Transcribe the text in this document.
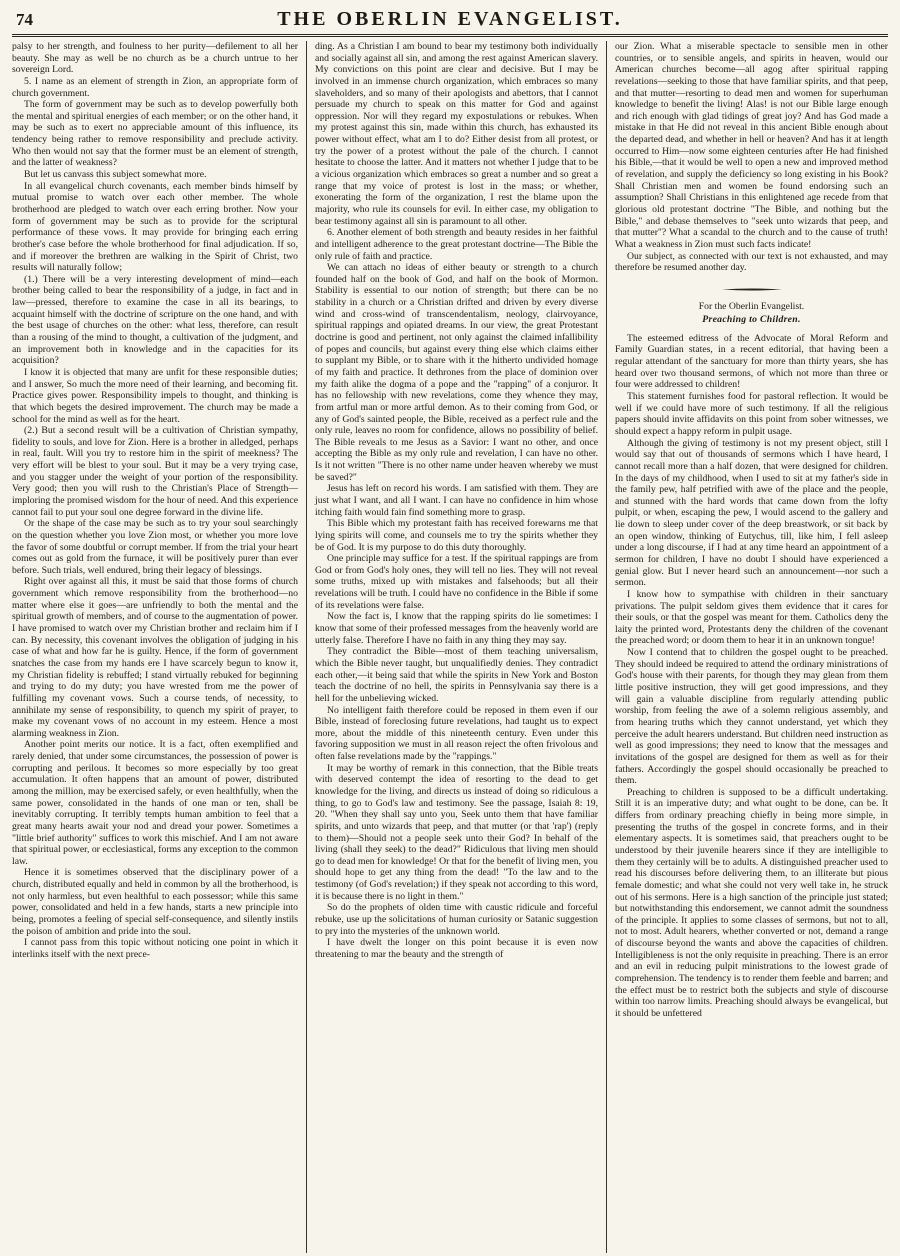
74	THE OBERLIN EVANGELIST.

palsy to her strength, and foulness to her purity—defilement to all her beauty. She may as well be no church as be a church untrue to her sovereign Lord.

5. I name as an element of strength in Zion, an appropriate form of church government.

The form of government may be such as to develop powerfully both the mental and spiritual energies of each member; or on the other hand, it may be such as to exert no appreciable amount of this influence, its tendency being rather to remove responsibility and preclude activity. Who then would not say that the former must be an element of strength, and the latter of weakness?

But let us canvass this subject somewhat more.

In all evangelical church covenants, each member binds himself by mutual promise to watch over each other member. The whole brotherhood are pledged to watch over each erring brother. Now your form of government may be such as to provide for the scriptural performance of these vows. It may provide for bringing each erring brother's case before the whole brotherhood for final adjudication. If so, and if moreover the brethren are walking in the Spirit of Christ, two results will naturally follow;

(1.) There will be a very interesting development of mind—each brother being called to bear the responsibility of a judge, in fact and in law—pressed, therefore to examine the case in all its bearings, to acquaint himself with the doctrine of scripture on the one hand, and with the best usage of churches on the other: what less, therefore, can result than a rousing of the mind to thought, a cultivation of the judgment, and an improvement both in knowledge and in the capacities for its acquisition?

I know it is objected that many are unfit for these responsible duties; and I answer, So much the more need of their learning, and becoming fit. Practice gives power. Responsibility impels to thought, and thinking is that which begets the desired improvement. The church may be made a school for the mind as well as for the heart.

(2.) But a second result will be a cultivation of Christian sympathy, fidelity to souls, and love for Zion. Here is a brother in alledged, perhaps in real, fault. Will you try to restore him in the spirit of meekness? The very effort will be blest to your soul. But it may be a very trying case, and you stagger under the weight of your portion of the responsibility. Very good; then you will rush to the Christian's Place of Strength—imploring the promised wisdom for the hour of need. And this experience cannot fail to put your soul one degree forward in the divine life.

Or the shape of the case may be such as to try your soul searchingly on the question whether you love Zion most, or whether you more love the favor of some doubtful or corrupt member. If from the trial your heart comes out as gold from the furnace, it will be positively purer than ever before. Such trials, well endured, bring their legacy of blessings.

Right over against all this, it must be said that those forms of church government which remove responsibility from the brotherhood—no matter where else it goes—are unfriendly to both the mental and the spiritual growth of members, and of course to the augmentation of power. I have promised to watch over my Christian brother and reclaim him if I can. By necessity, this covenant involves the obligation of judging in his case of what and how far he is guilty. Hence, if the form of government snatches the case from my hands ere I have scarcely begun to know it, my Christian fidelity is rebuffed; I stand virtually rebuked for beginning and trying to do my duty; you have wrested from me the power of fulfilling my covenant vows. Such a course tends, of necessity, to annihilate my sense of responsibility, to quench my spirit of prayer, to make my covenant vows of no account in my esteem. Hence a most alarming weakness in Zion.

Another point merits our notice. It is a fact, often exemplified and rarely denied, that under some circumstances, the possession of power is corrupting and perilous. It becomes so more especially by too great accumulation. It often happens that an amount of power, distributed among the million, may be exercised safely, or even healthfully, when the same power, consolidated in the hands of one man or ten, shall be inevitably corrupting. It terribly tempts human ambition to feel that a great many hearts await your nod and dread your power. Sometimes a "little brief authority" suffices to work this mischief. And I am not aware that spiritual power, or ecclesiastical, forms any exception to the common law.

Hence it is sometimes observed that the disciplinary power of a church, distributed equally and held in common by all the brotherhood, is not only harmless, but even healthful to each possessor; while this same power, consolidated and held in a few hands, starts a new principle into being, promotes a feeling of special self-consequence, and silently instils the poison of ambition and pride into the soul.

I cannot pass from this topic without noticing one point in which it interlinks itself with the next prece-

ding. As a Christian I am bound to bear my testimony both individually and socially against all sin, and among the rest against American slavery. My convictions on this point are clear and decisive. But I may be involved in an immense church organization, which embraces so many slaveholders, and so many of their apologists and abettors, that I cannot persuade my church to speak on this matter for God and against oppression. Nor will they regard my expostulations or rebukes. When my protest against this sin, made within this church, has exhausted its power without effect, what am I to do? Either desist from all protest, or try the power of a protest without the pale of the church. I cannot hesitate to choose the latter. And it matters not whether I judge that to be a vicious organization which embraces so great a number and so great a range that my voice of protest is lost in the mass; or whether, exonerating the form of the organization, I rest the blame upon the majority, who rule its counsels for evil. In either case, my obligation to bear testimony against all sin is paramount to all other.

6. Another element of both strength and beauty resides in her faithful and intelligent adherence to the great protestant doctrine—The Bible the only rule of faith and practice.

We can attach no ideas of either beauty or strength to a church founded half on the book of God, and half on the book of Mormon. Stability is essential to our notion of strength; but there can be no stability in a church or a Christian drifted and driven by every diverse wind and cross-wind of transcendentalism, neology, clairvoyance, spiritual rappings and opiated dreams. In our view, the great Protestant doctrine is good and pertinent, not only against the claimed infallibility of popes and councils, but against every thing else which claims either to supplant my Bible, or to share with it the hitherto undivided homage of my faith and practice. It dethrones from the place of dominion over my faith alike the dogma of a pope and the "rapping" of a conjuror. It has no fellowship with new revelations, come they whence they may, from artful man or more artful demon. As to their coming from God, or any of God's sainted people, the Bible, received as a perfect rule and the only rule, leaves no room for confidence, allows no possibility of belief. The Bible reveals to me Jesus as a Savior: I want no other, and once accepting the Bible as my only rule and revelation, I can have no other. Is it not written "There is no other name under heaven whereby we must be saved?"

Jesus has left on record his words. I am satisfied with them. They are just what I want, and all I want. I can have no confidence in him whose itching faith would fain find something more to grasp.

This Bible which my protestant faith has received forewarns me that lying spirits will come, and counsels me to try the spirits whether they be of God. It is my purpose to do this duty thoroughly.

One principle may suffice for a test. If the spiritual rappings are from God or from God's holy ones, they will tell no lies. They will not reveal some truths, mixed up with mistakes and falsehoods; but all their revelations will be truth. I could have no confidence in the Bible if some of its revelations were false.

Now the fact is, I know that the rapping spirits do lie sometimes: I know that some of their professed messages from the heavenly world are utterly false. Therefore I have no faith in any thing they may say.

They contradict the Bible—most of them teaching universalism, which the Bible never taught, but unqualifiedly denies. They contradict each other,—it being said that while the spirits in New York and Boston teach the doctrine of no hell, the spirits in Pennsylvania say there is a hell for the unbelieving wicked.

No intelligent faith therefore could be reposed in them even if our Bible, instead of foreclosing future revelations, had taught us to expect more, about the middle of this nineteenth century. Even under this favoring supposition we must in all reason reject the often frivolous and often false revelations made by the "rappings."

It may be worthy of remark in this connection, that the Bible treats with deserved contempt the idea of resorting to the dead to get knowledge for the living, and directs us instead of doing so ridiculous a thing, to go to God's law and testimony. See the passage, Isaiah 8: 19, 20. "When they shall say unto you, Seek unto them that have familiar spirits, and unto wizards that peep, and that mutter (or that 'rap') (reply to them)—Should not a people seek unto their God? In behalf of the living (shall they seek) to the dead?" Ridiculous that living men should go to dead men for knowledge! Or that for the benefit of living men, you should hope to get any thing from the dead! "To the law and to the testimony (of God's revelation;) if they speak not according to this word, it is because there is no light in them."

So do the prophets of olden time with caustic ridicule and forceful rebuke, use up the solicitations of human curiosity or Satanic suggestion to pry into the mysteries of the unknown world.

I have dwelt the longer on this point because it is even now threatening to mar the beauty and the strength of

our Zion. What a miserable spectacle to sensible men in other countries, or to sensible angels, and spirits in heaven, would our American churches become—all agog after spiritual rapping revelations—seeking to those that have familiar spirits, and that peep, and that mutter—resorting to dead men and women for superhuman knowledge to benefit the living! Alas! is not our Bible large enough and rich enough with glad tidings of great joy? And has God made a mistake in that He did not reveal in this ancient Bible enough about the departed dead, and whether in hell or heaven? And has it at length occurred to Him—now some eighteen centuries after He had finished his Bible,—that it would be well to open a new and improved method of revelation, and supply the deficiency so long existing in his Book? Shall Christian men and women be found endorsing such an assumption? Shall Christians in this enlightened age recede from that glorious old protestant doctrine "The Bible, and nothing but the Bible," and debase themselves to "seek unto wizards that peep, and that mutter"? What a scandal to the church and to the cause of truth! What a weakness in Zion must such facts indicate!

Our subject, as connected with our text is not exhausted, and may therefore be resumed another day.

For the Oberlin Evangelist.
Preaching to Children.

The esteemed editress of the Advocate of Moral Reform and Family Guardian states, in a recent editorial, that having been a regular attendant of the sanctuary for more than thirty years, she has heard over two thousand sermons, of which not more than three or four were addressed to children!

This statement furnishes food for pastoral reflection. It would be well if we could have more of such testimony. If all the religious papers should invite affidavits on this point from sober witnesses, we should expect a happy reform in pulpit usage.

Although the giving of testimony is not my present object, still I would say that out of thousands of sermons which I have heard, I cannot recall more than a half dozen, that were designed for children. In the days of my childhood, when I used to sit at my father's side in the family pew, half petrified with awe of the place and the people, and stunned with the hard words that came down from the lofty pulpit, or when, escaping the pew, I would ascend to the gallery and lie down to sleep under cover of the deep breastwork, or sit back by an open window, thinking of Eutychus, till, like him, I fell asleep under a long discourse, if I had at any time heard an appointment of a sermon for children, I have no doubt I should have experienced a genial glow. But I never heard such an announcement—nor such a sermon.

I know how to sympathise with children in their sanctuary privations. The pulpit seldom gives them evidence that it cares for their souls, or that the gospel was meant for them. Catholics deny the laity the printed word, Protestants deny the children of the covenant the preached word; or doom them to hear it in an unknown tongue!

Now I contend that to children the gospel ought to be preached. They should indeed be required to attend the ordinary ministrations of God's house with their parents, for though they may glean from them little positive instruction, they will get good impressions, and they will gain a valuable discipline from regularly attending public worship, from feeling the awe of a solemn religious assembly, and from hearing truths which they cannot understand, yet which they perceive the adult hearers understand. But children need instruction as well as good impressions; they need to know that the messages and invitations of the gospel are designed for them as well as for their fathers. Accordingly the gospel should occasionally be preached to them.

Preaching to children is supposed to be a difficult undertaking. Still it is an imperative duty; and what ought to be done, can be. It differs from ordinary preaching chiefly in being more simple, in presenting the truths of the gospel in concrete forms, and in their elementary aspects. It is sometimes said, that preachers ought to be understood by their juvenile hearers since if they are intelligible to them they certainly will be to adults. A distinguished preacher used to read his discourses before delivering them, to an illiterate but pious female domestic; and what she could not very well take in, he struck out of his sermons. Here is a high sanction of the principle just stated; but notwithstanding this endorsement, we cannot admit the soundness of the principle. It applies to some classes of sermons, but not to all, not to most. Adult hearers, whether converted or not, demand a range of discourse beyond the wants and above the capacities of children. Intelligibleness is not the only requisite in preaching. There is an error and an evil in reducing pulpit ministrations to the lowest grade of comprehension. The tendency is to render them feeble and barren; and the effect must be to restrict both the subjects and style of discourse within too narrow limits. Preaching should always be evangelical, but it should be unfettered
